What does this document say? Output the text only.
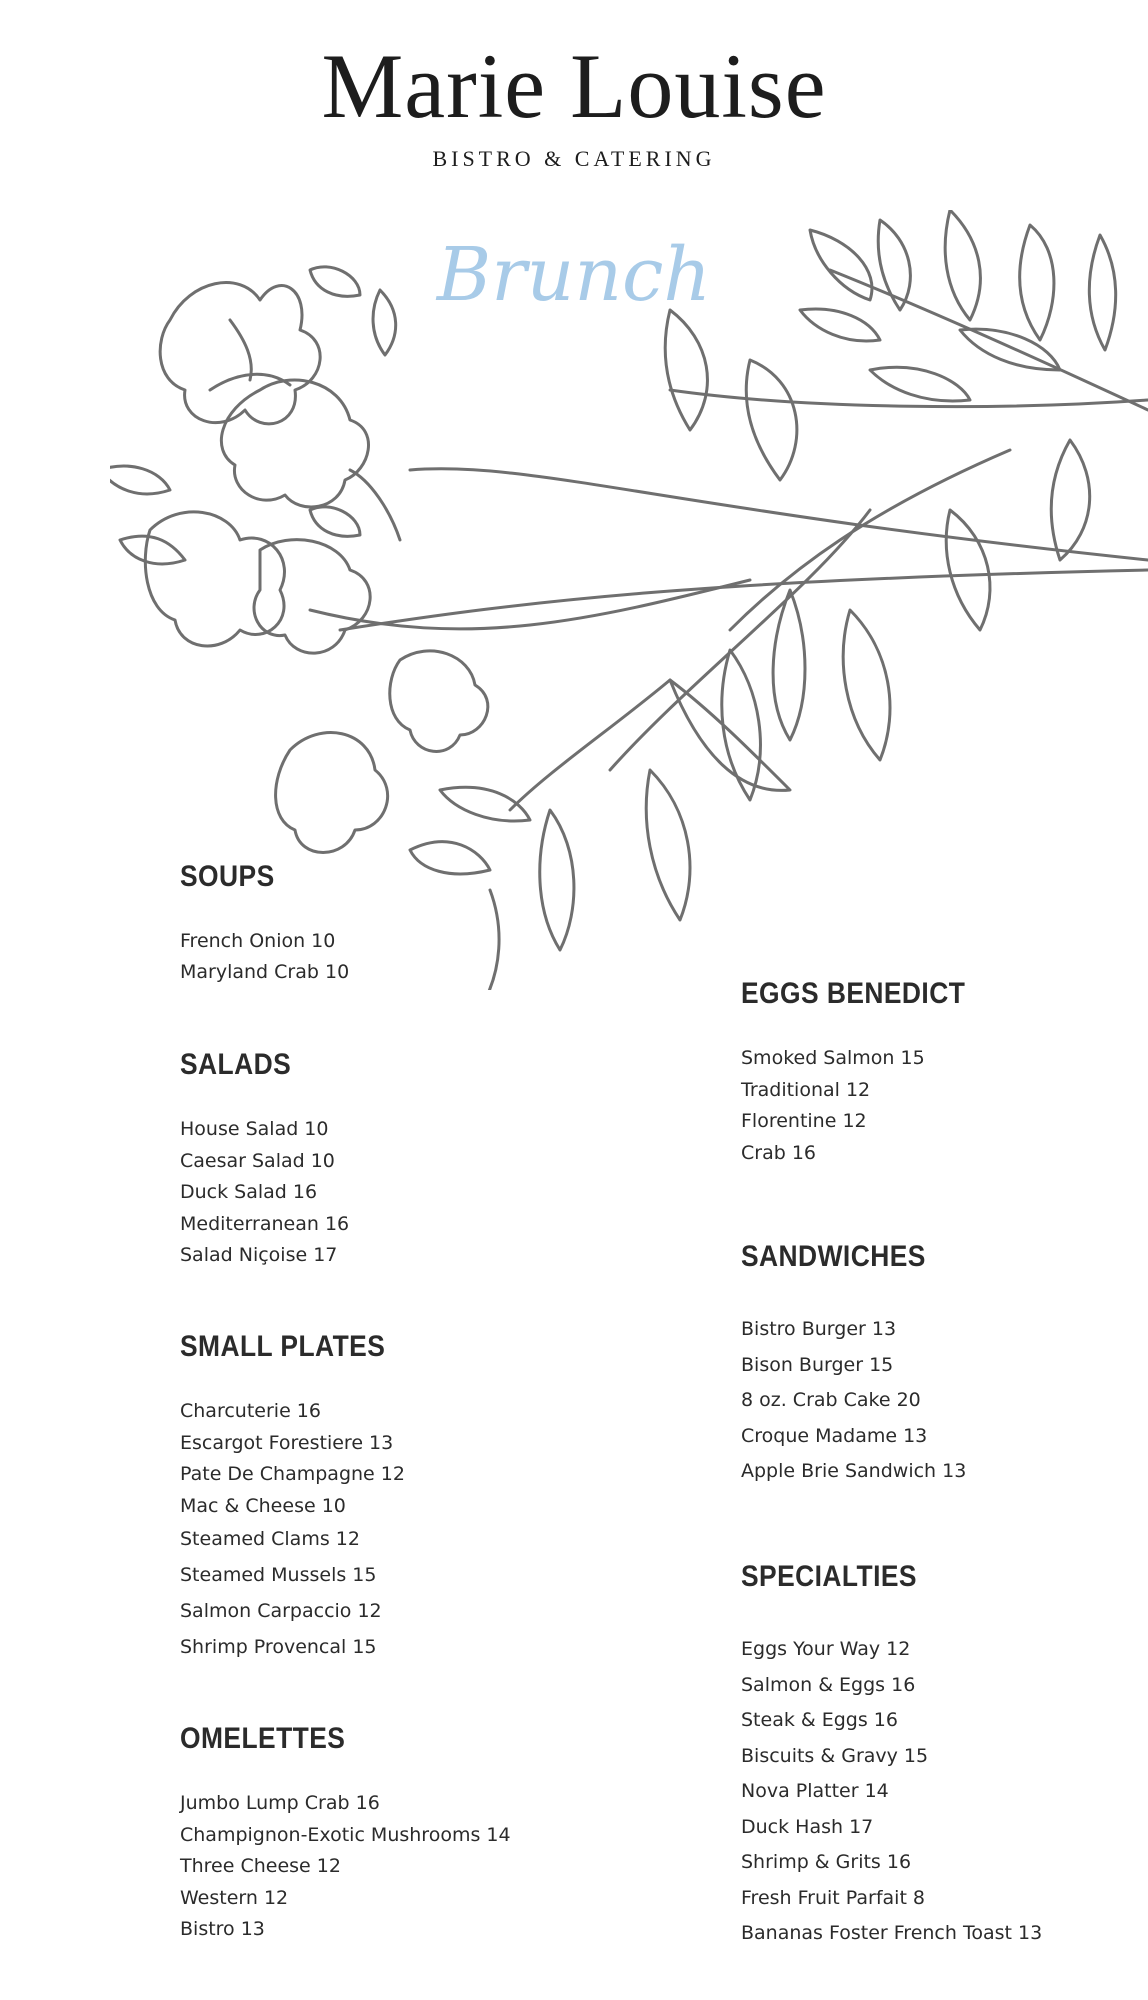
Marie Louise
BISTRO & CATERING
Brunch
SOUPS
French Onion 10
Maryland Crab 10
SALADS
House Salad 10
Caesar Salad 10
Duck Salad 16
Mediterranean 16
Salad Niçoise 17
SMALL PLATES
Charcuterie 16
Escargot Forestiere 13
Pate De Champagne 12
Mac & Cheese 10
Steamed Clams 12
Steamed Mussels 15
Salmon Carpaccio 12
Shrimp Provencal 15
OMELETTES
Jumbo Lump Crab 16
Champignon-Exotic Mushrooms 14
Three Cheese 12
Western 12
Bistro 13
EGGS BENEDICT
Smoked Salmon 15
Traditional 12
Florentine 12
Crab 16
SANDWICHES
Bistro Burger 13
Bison Burger 15
8 oz. Crab Cake 20
Croque Madame 13
Apple Brie Sandwich 13
SPECIALTIES
Eggs Your Way 12
Salmon & Eggs 16
Steak & Eggs 16
Biscuits & Gravy 15
Nova Platter 14
Duck Hash 17
Shrimp & Grits 16
Fresh Fruit Parfait 8
Bananas Foster French Toast 13
